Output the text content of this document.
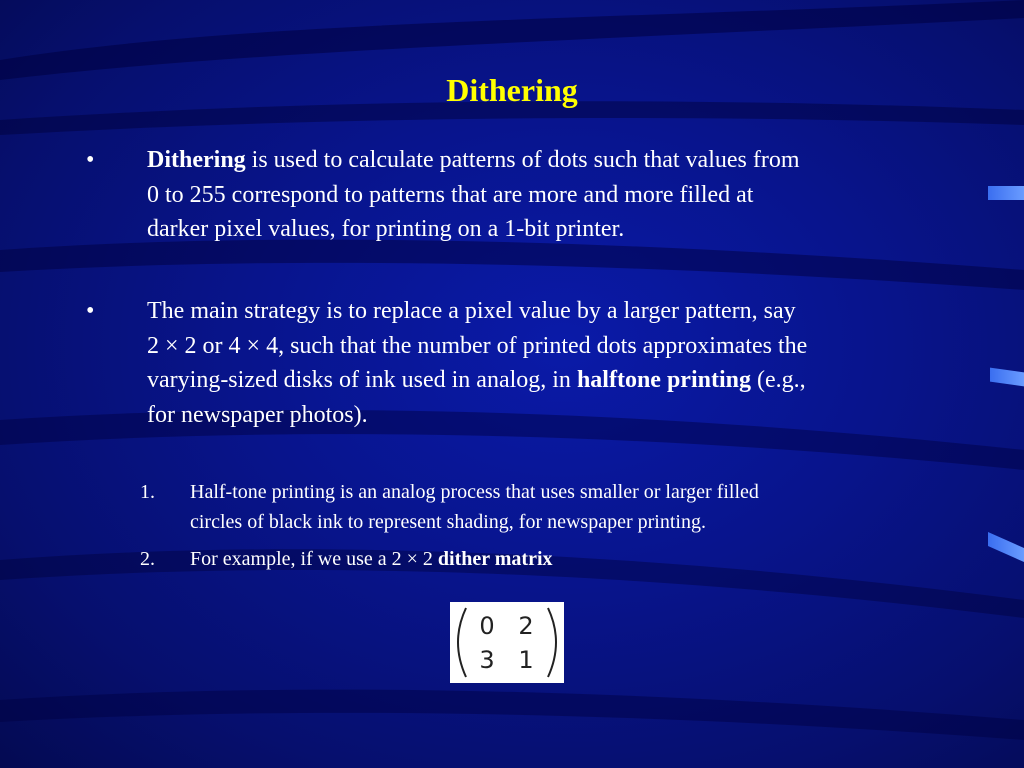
Dithering
• Dithering is used to calculate patterns of dots such that values from
0 to 255 correspond to patterns that are more and more filled at
darker pixel values, for printing on a 1-bit printer.
• The main strategy is to replace a pixel value by a larger pattern, say
2 × 2 or 4 × 4, such that the number of printed dots approximates the
varying-sized disks of ink used in analog, in halftone printing (e.g.,
for newspaper photos).
1. Half-tone printing is an analog process that uses smaller or larger filled
circles of black ink to represent shading, for newspaper printing.
2. For example, if we use a 2 × 2 dither matrix
0 2
3 1
